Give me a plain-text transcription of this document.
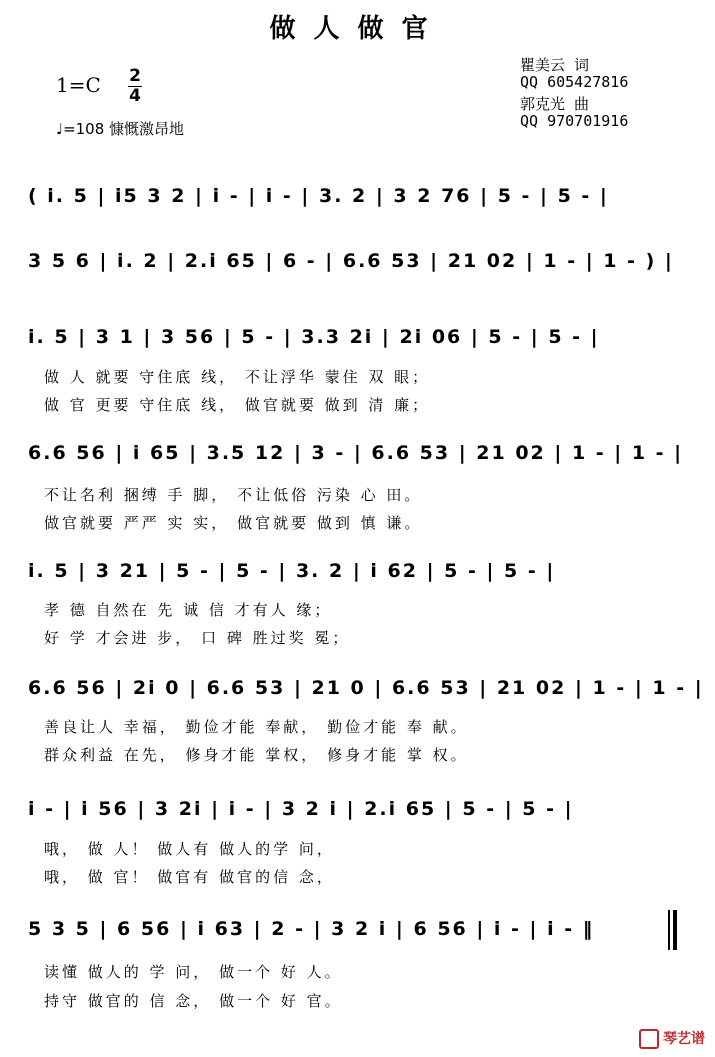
做人做官
瞿美云 词
QQ 605427816
郭克光 曲
QQ 970701916
1=C 2
4
♩=108 慷慨激昂地
( i. 5 | i5 3 2 | i - | i - | 3. 2 | 3 2 76 | 5 - | 5 - |
3 5 6 | i. 2 | 2.i 65 | 6 - | 6.6 53 | 21 02 | 1 - | 1 - ) |
i. 5 | 3 1 | 3 56 | 5 - | 3.3 2i | 2i 06 | 5 - | 5 - |
6.6 56 | i 65 | 3.5 12 | 3 - | 6.6 53 | 21 02 | 1 - | 1 - |
i. 5 | 3 21 | 5 - | 5 - | 3. 2 | i 62 | 5 - | 5 - |
6.6 56 | 2i 0 | 6.6 53 | 21 0 | 6.6 53 | 21 02 | 1 - | 1 - |
i - | i 56 | 3 2i | i - | 3 2 i | 2.i 65 | 5 - | 5 - |
5 3 5 | 6 56 | i 63 | 2 - | 3 2 i | 6 56 | i - | i - ‖
做 人 就要 守住底 线， 不让浮华 蒙住 双 眼；
做 官 更要 守住底 线， 做官就要 做到 清 廉；
不让名利 捆缚 手 脚， 不让低俗 污染 心 田。
做官就要 严严 实 实， 做官就要 做到 慎 谦。
孝 德 自然在 先 诚 信 才有人 缘；
好 学 才会进 步， 口 碑 胜过奖 冕；
善良让人 幸福， 勤俭才能 奉献， 勤俭才能 奉 献。
群众利益 在先， 修身才能 掌权， 修身才能 掌 权。
哦， 做 人！ 做人有 做人的学 问，
哦， 做 官！ 做官有 做官的信 念，
读懂 做人的 学 问， 做一个 好 人。
持守 做官的 信 念， 做一个 好 官。
琴艺谱
